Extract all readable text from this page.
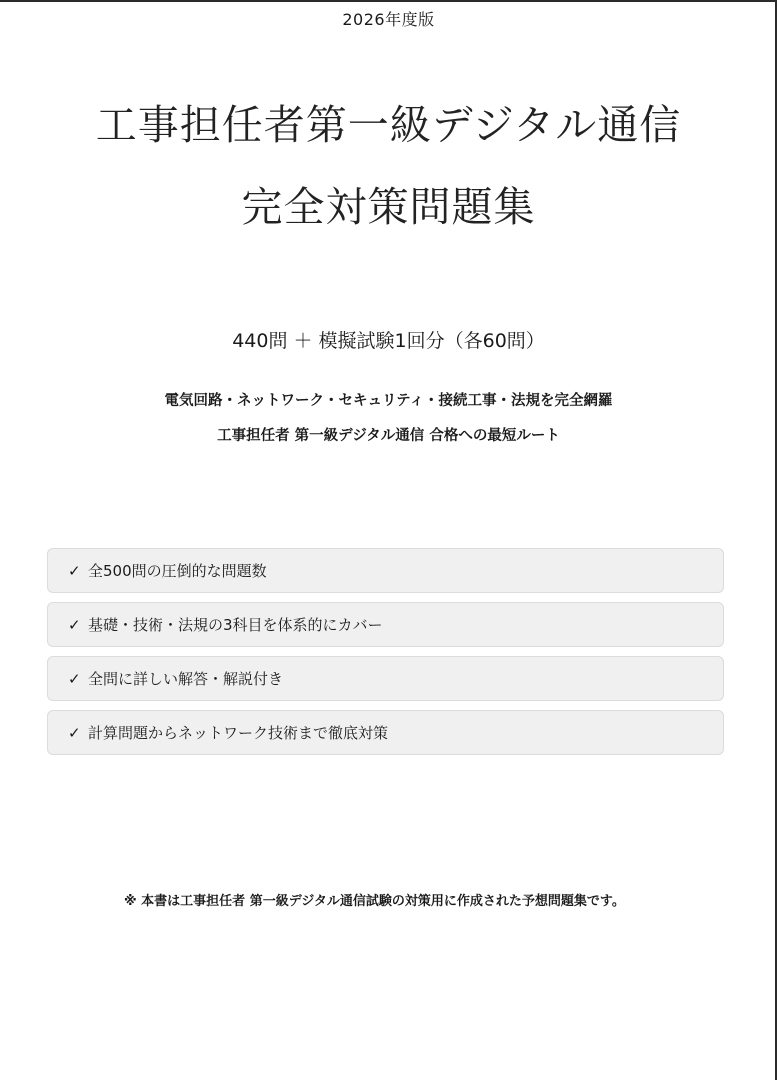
2026年度版
工事担任者第一級デジタル通信
完全対策問題集
440問 ＋ 模擬試験1回分（各60問）
電気回路・ネットワーク・セキュリティ・接続工事・法規を完全網羅
工事担任者 第一級デジタル通信 合格への最短ルート
✓ 全500問の圧倒的な問題数
✓ 基礎・技術・法規の3科目を体系的にカバー
✓ 全問に詳しい解答・解説付き
✓ 計算問題からネットワーク技術まで徹底対策
※ 本書は工事担任者 第一級デジタル通信試験の対策用に作成された予想問題集です。
